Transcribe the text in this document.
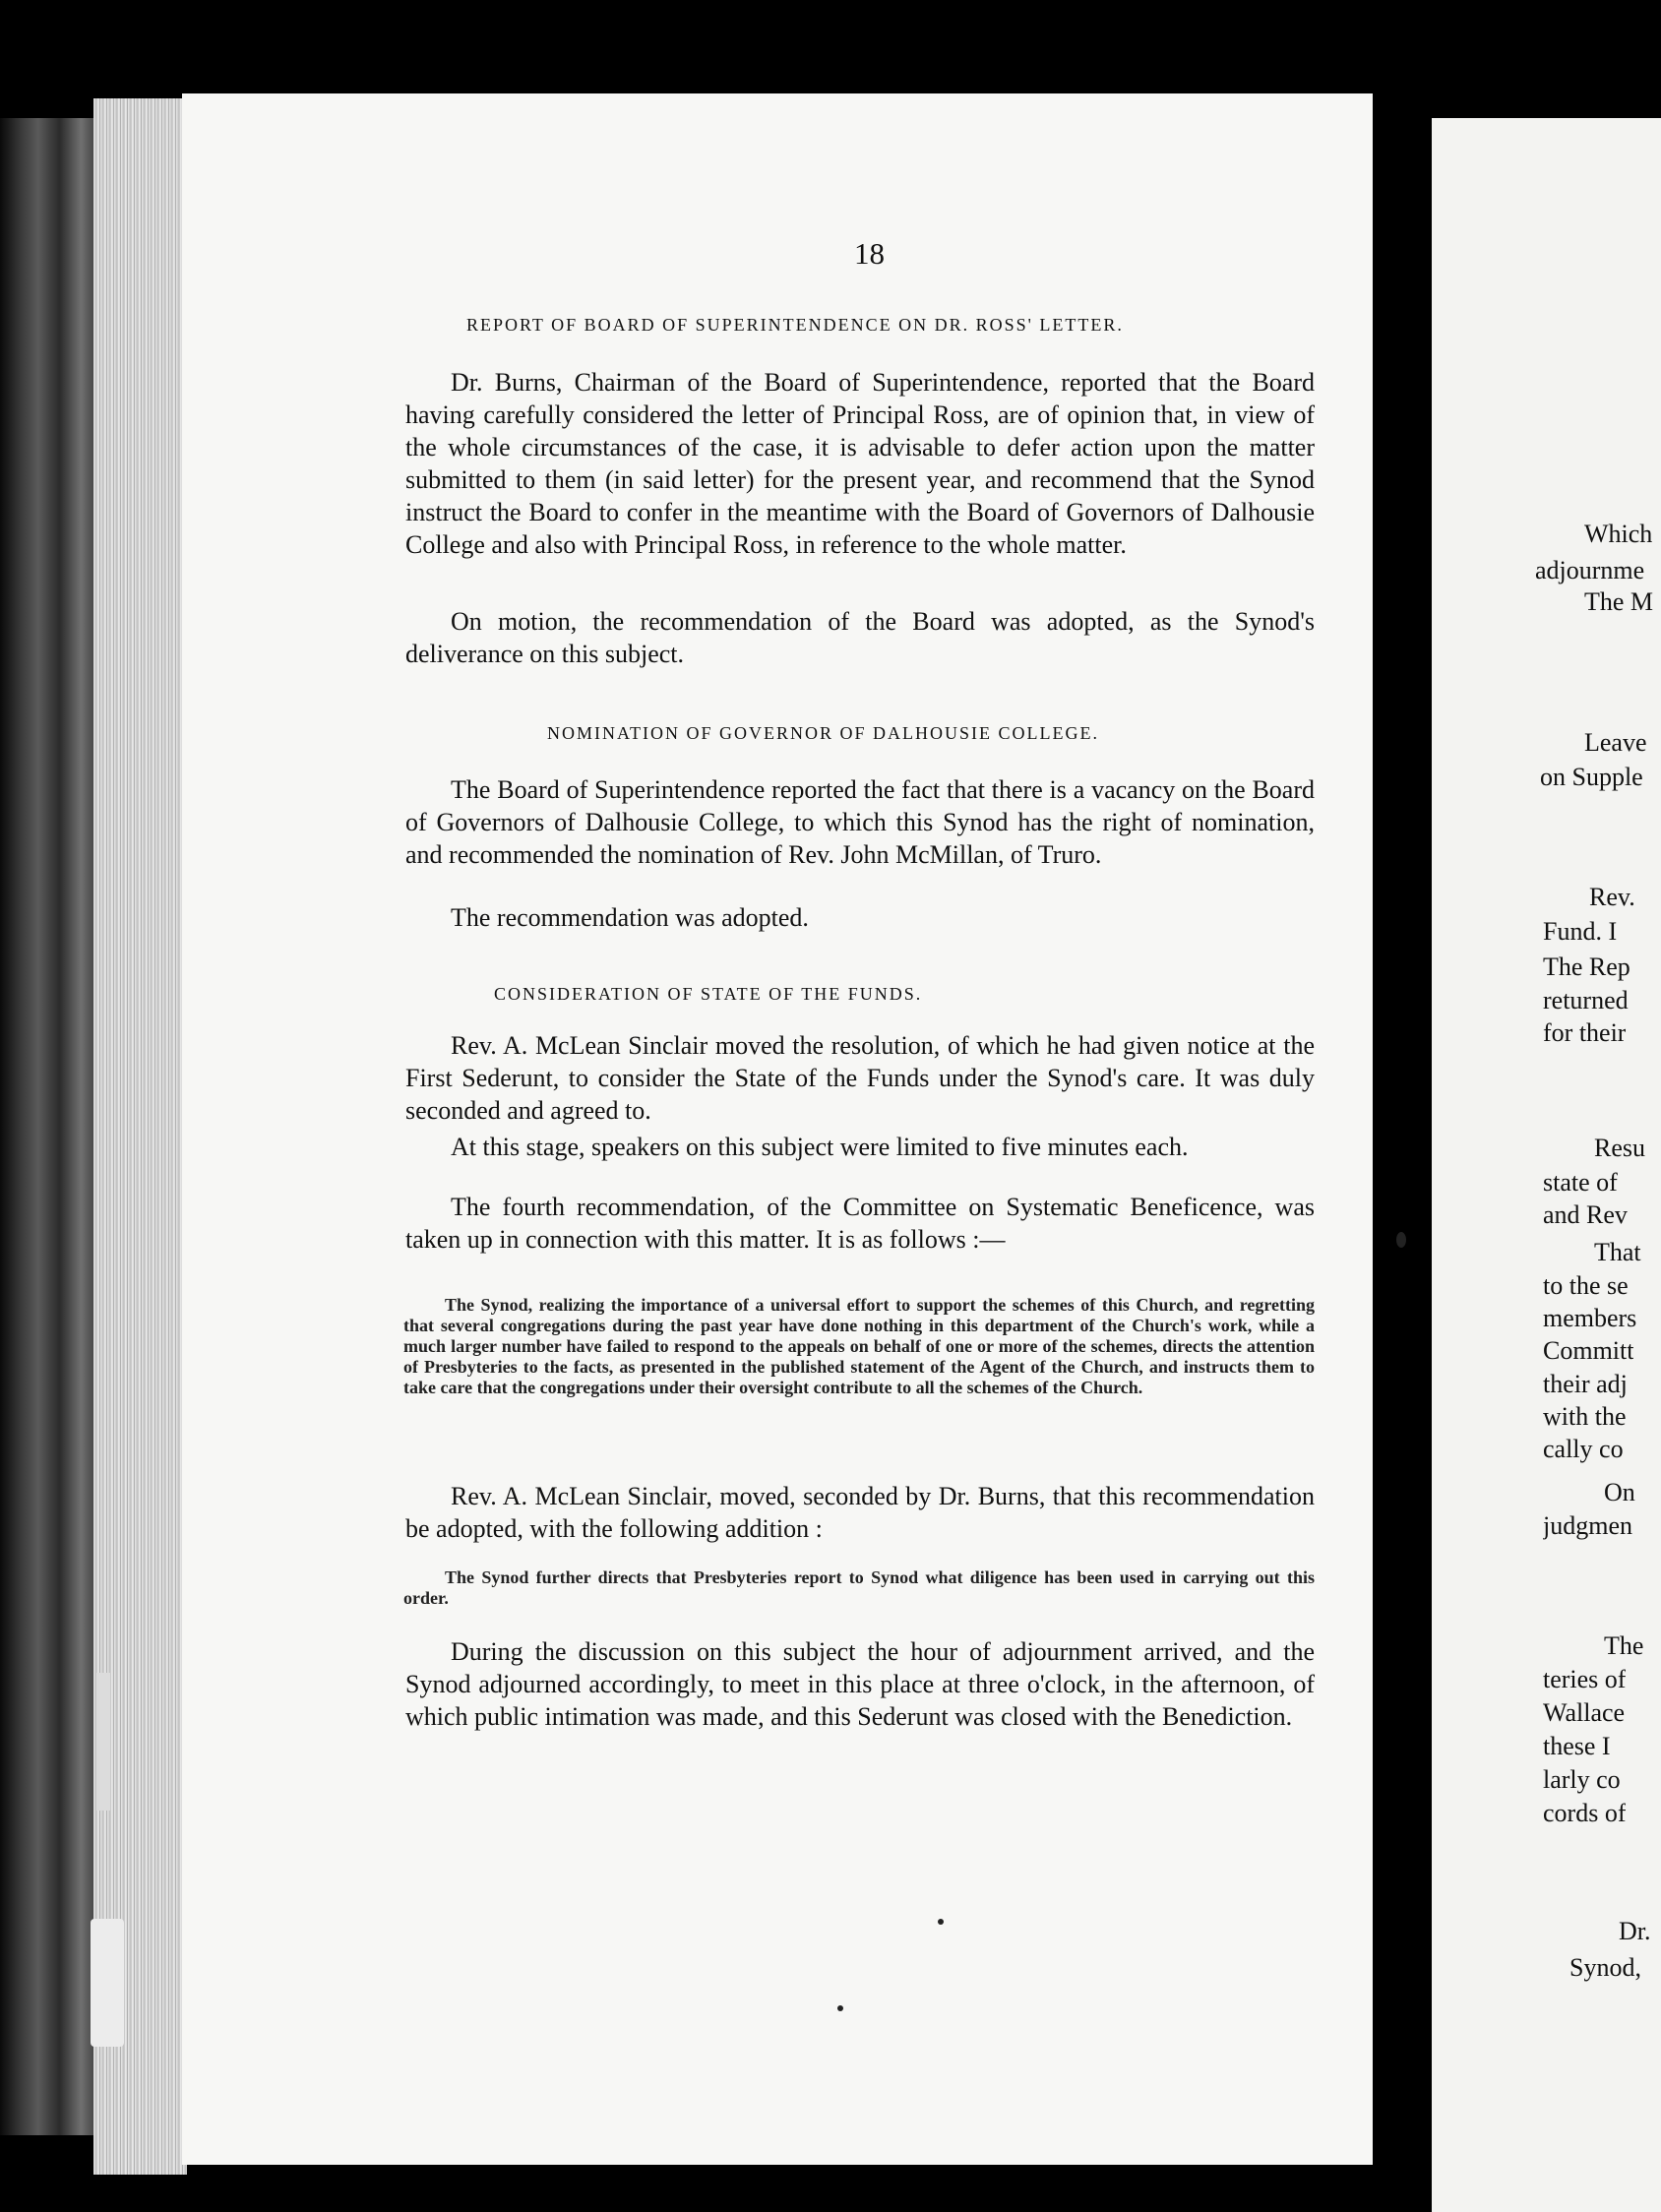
18
REPORT OF BOARD OF SUPERINTENDENCE ON DR. ROSS' LETTER.

Dr. Burns, Chairman of the Board of Superintendence, reported that the Board having carefully considered the letter of Principal Ross, are of opinion that, in view of the whole circumstances of the case, it is advisable to defer action upon the matter submitted to them (in said letter) for the present year, and recommend that the Synod instruct the Board to confer in the meantime with the Board of Governors of Dalhousie College and also with Principal Ross, in reference to the whole matter.

On motion, the recommendation of the Board was adopted, as the Synod's deliverance on this subject.

NOMINATION OF GOVERNOR OF DALHOUSIE COLLEGE.

The Board of Superintendence reported the fact that there is a vacancy on the Board of Governors of Dalhousie College, to which this Synod has the right of nomination, and recommended the nomination of Rev. John McMillan, of Truro.

The recommendation was adopted.

CONSIDERATION OF STATE OF THE FUNDS.

Rev. A. McLean Sinclair moved the resolution, of which he had given notice at the First Sederunt, to consider the State of the Funds under the Synod's care. It was duly seconded and agreed to.

At this stage, speakers on this subject were limited to five minutes each.

The fourth recommendation, of the Committee on Systematic Beneficence, was taken up in connection with this matter. It is as follows :—

The Synod, realizing the importance of a universal effort to support the schemes of this Church, and regretting that several congregations during the past year have done nothing in this department of the Church's work, while a much larger number have failed to respond to the appeals on behalf of one or more of the schemes, directs the attention of Presbyteries to the facts, as presented in the published statement of the Agent of the Church, and instructs them to take care that the congregations under their oversight contribute to all the schemes of the Church.

Rev. A. McLean Sinclair, moved, seconded by Dr. Burns, that this recommendation be adopted, with the following addition :

The Synod further directs that Presbyteries report to Synod what diligence has been used in carrying out this order.

During the discussion on this subject the hour of adjournment arrived, and the Synod adjourned accordingly, to meet in this place at three o'clock, in the afternoon, of which public intimation was made, and this Sederunt was closed with the Benediction.

Which
adjournme
The M
Leave
on Supple
Rev.
Fund. I
The Rep
returned
for their
Resu
state of
and Rev
That
to the se
members
Committ
their adj
with the
cally co
On
judgmen
The
teries of
Wallace
these I
larly co
cords of
Dr.
Synod,
